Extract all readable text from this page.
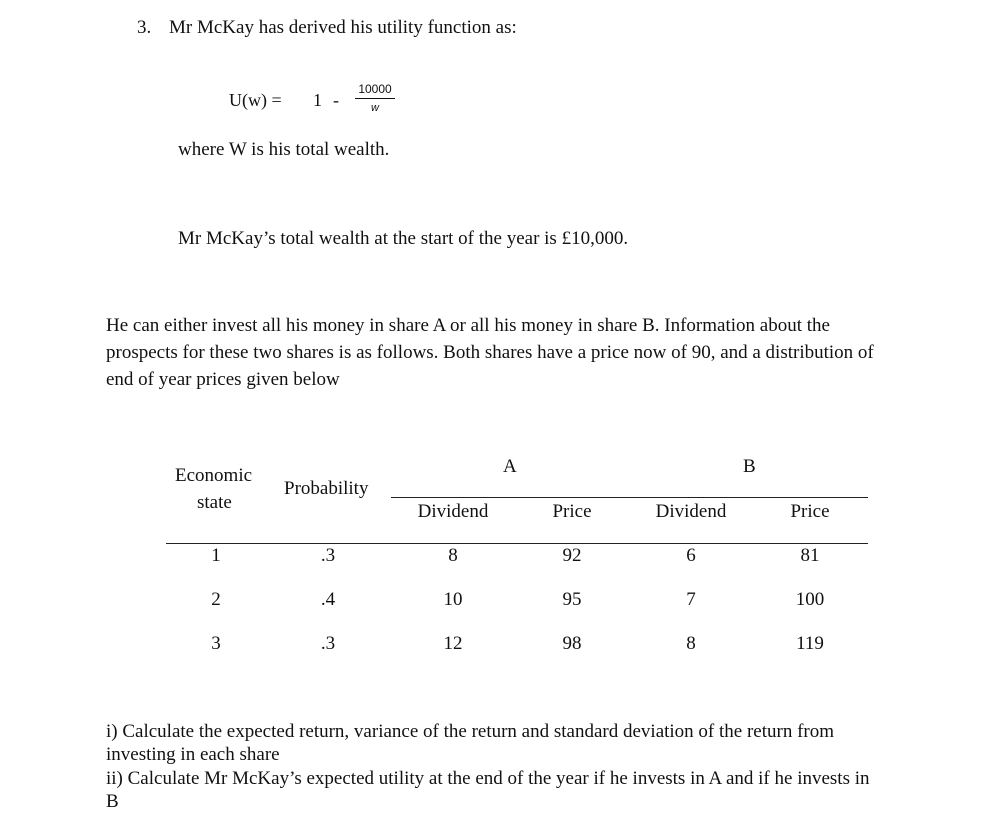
3. Mr McKay has derived his utility function as:
U(w) = 1 -
10000
w
where W is his total wealth.
Mr McKay’s total wealth at the start of the year is £10,000.
He can either invest all his money in share A or all his money in share B. Information about the prospects for these two shares is as follows. Both shares have a price now of 90, and a distribution of end of year prices given below
Economic
state
Probability
A	B
Dividend	Price	Dividend	Price
1	.3	8	92	6	81
2	.4	10	95	7	100
3	.3	12	98	8	119
i) Calculate the expected return, variance of the return and standard deviation of the return from investing in each share
ii) Calculate Mr McKay’s expected utility at the end of the year if he invests in A and if he invests in B
